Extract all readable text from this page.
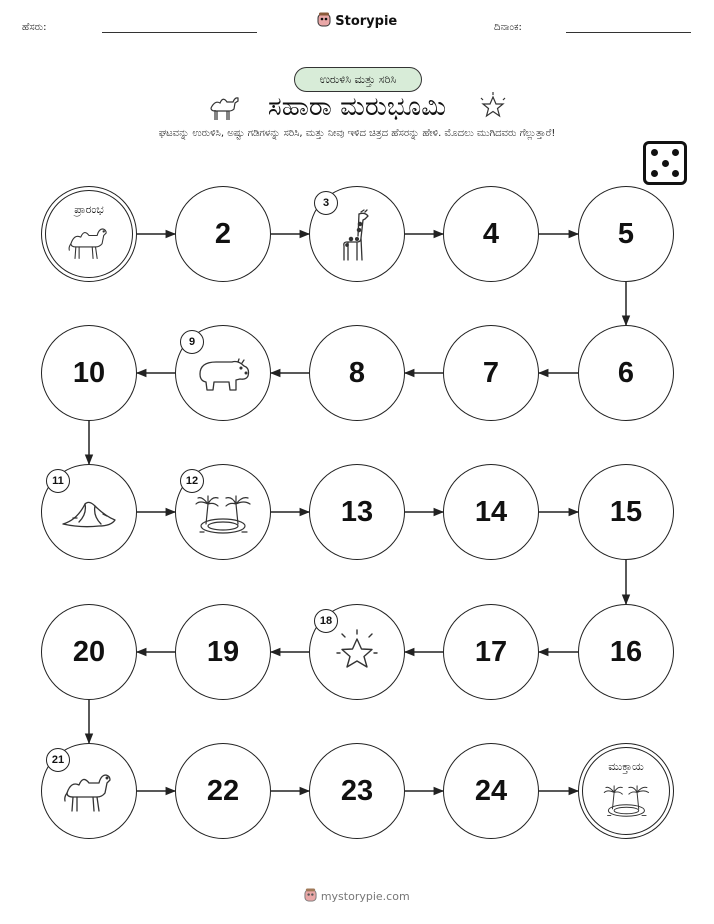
ಹೆಸರು:	Storypie	ದಿನಾಂಕ:
ಉರುಳಿಸಿ ಮತ್ತು ಸರಿಸಿ
ಸಹಾರಾ ಮರುಭೂಮಿ
ಘಟವನ್ನು ಉರುಳಿಸಿ, ಅಷ್ಟು ಗಡಿಗಳನ್ನು ಸರಿಸಿ, ಮತ್ತು ನೀವು ಇಳಿದ ಚಿತ್ರದ ಹೆಸರನ್ನು ಹೇಳಿ. ಮೊದಲು ಮುಗಿದವರು ಗೆಲ್ಲುತ್ತಾರೆ!
ಪ್ರಾರಂಭ
2
3
4	5
6
7
8
9
10
11	12
13	14	15
16
17
18
19
20
21
22	23	24
ಮುಕ್ತಾಯ
mystorypie.com
